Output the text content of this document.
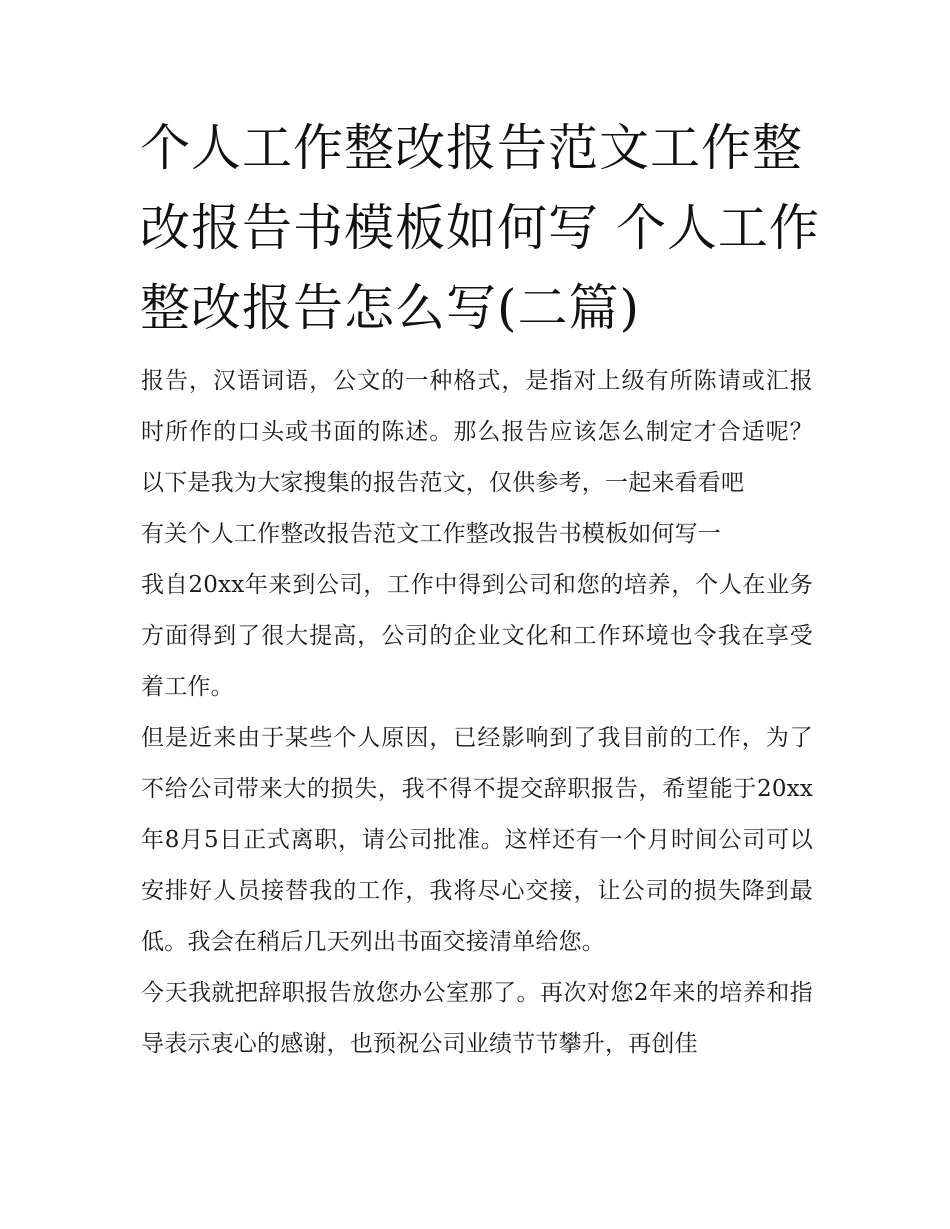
个人工作整改报告范文工作整改报告书模板如何写 个人工作整改报告怎么写(二篇)

报告，汉语词语，公文的一种格式，是指对上级有所陈请或汇报时所作的口头或书面的陈述。那么报告应该怎么制定才合适呢？以下是我为大家搜集的报告范文，仅供参考，一起来看看吧

有关个人工作整改报告范文工作整改报告书模板如何写一

我自20xx年来到公司，工作中得到公司和您的培养，个人在业务方面得到了很大提高，公司的企业文化和工作环境也令我在享受着工作。

但是近来由于某些个人原因，已经影响到了我目前的工作，为了不给公司带来大的损失，我不得不提交辞职报告，希望能于20xx年8月5日正式离职，请公司批准。这样还有一个月时间公司可以安排好人员接替我的工作，我将尽心交接，让公司的损失降到最低。我会在稍后几天列出书面交接清单给您。

今天我就把辞职报告放您办公室那了。再次对您2年来的培养和指导表示衷心的感谢，也预祝公司业绩节节攀升，再创佳
